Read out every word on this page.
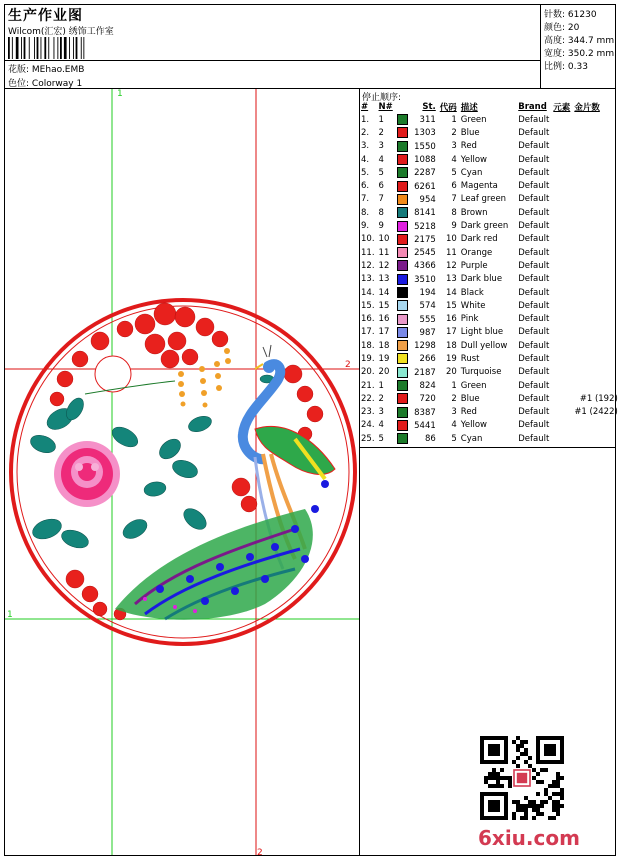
生产作业图
Wilcom(汇宏) 绣饰工作室
花版: MEhao.EMB
色位: Colorway 1
针数: 61230
颜色: 20
高度: 344.7 mm
宽度: 350.2 mm
比例: 0.33
停止顺序:
#	N#	St.	代码	描述	Brand	元素	金片数
1.	1	311	1	Green	Default		
2.	2	1303	2	Blue	Default		
3.	3	1550	3	Red	Default		
4.	4	1088	4	Yellow	Default		
5.	5	2287	5	Cyan	Default		
6.	6	6261	6	Magenta	Default		
7.	7	954	7	Leaf green	Default		
8.	8	8141	8	Brown	Default		
9.	9	5218	9	Dark green	Default		
10.	10	2175	10	Dark red	Default		
11.	11	2545	11	Orange	Default		
12.	12	4366	12	Purple	Default		
13.	13	3510	13	Dark blue	Default		
14.	14	194	14	Black	Default		
15.	15	574	15	White	Default		
16.	16	555	16	Pink	Default		
17.	17	987	17	Light blue	Default		
18.	18	1298	18	Dull yellow	Default		
19.	19	266	19	Rust	Default		
20.	20	2187	20	Turquoise	Default		
21.	1	824	1	Green	Default		
22.	2	720	2	Blue	Default		#1 (192)
23.	3	8387	3	Red	Default		#1 (2422)
24.	4	5441	4	Yellow	Default		
25.	5	86	5	Cyan	Default		
1
1
2
2
6xiu.com
